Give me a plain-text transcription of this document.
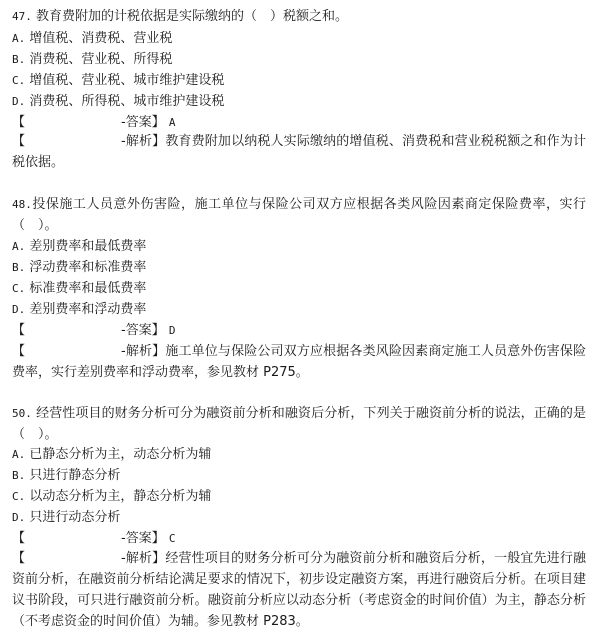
47. 教育费附加的计税依据是实际缴纳的（　）税额之和。
A. 增值税、消费税、营业税
B. 消费税、营业税、所得税
C. 增值税、营业税、城市维护建设税
D. 消费税、所得税、城市维护建设税
【	-答案】 A
【	-解析】教育费附加以纳税人实际缴纳的增值税、消费税和营业税税额之和作为计税依据。
48.投保施工人员意外伤害险，施工单位与保险公司双方应根据各类风险因素商定保险费率，实行（　）。
A. 差别费率和最低费率
B. 浮动费率和标准费率
C. 标准费率和最低费率
D. 差别费率和浮动费率
【	-答案】 D
【	-解析】施工单位与保险公司双方应根据各类风险因素商定施工人员意外伤害保险费率，实行差别费率和浮动费率，参见教材 P275。
50. 经营性项目的财务分析可分为融资前分析和融资后分析，下列关于融资前分析的说法，正确的是（　）。
A. 已静态分析为主，动态分析为辅
B. 只进行静态分析
C. 以动态分析为主，静态分析为辅
D. 只进行动态分析
【	-答案】 C
【	-解析】经营性项目的财务分析可分为融资前分析和融资后分析，一般宜先进行融资前分析，在融资前分析结论满足要求的情况下，初步设定融资方案，再进行融资后分析。在项目建议书阶段，可只进行融资前分析。融资前分析应以动态分析（考虑资金的时间价值）为主，静态分析（不考虑资金的时间价值）为辅。参见教材 P283。
